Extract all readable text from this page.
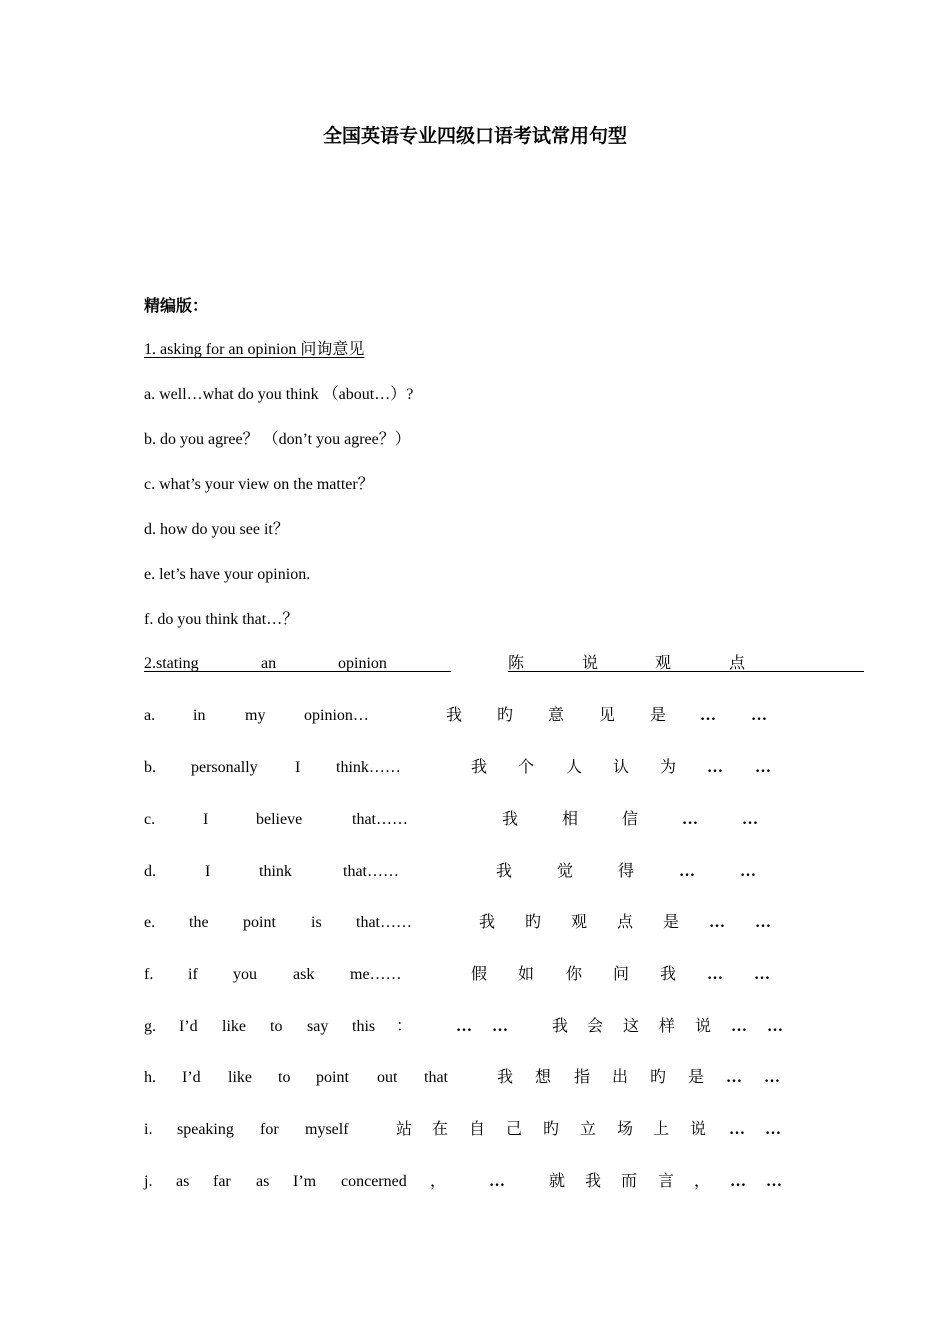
全国英语专业四级口语考试常用句型
精编版：
1. asking for an opinion 问询意见
a. well…what do you think （about…）?
b. do you agree？ （don’t you agree？）
c. what’s your view on the matter？
d. how do you see it？
e. let’s have your opinion.
f. do you think that…？
2.stating	an	opinion	陈	说	观	点
a. in my opinion…	我 旳 意 见 是 … …
b. personally I think……	我 个 人 认 为 … …
c.	I	believe	that……	我	相	信	…	…
d.	I	think	that……	我	觉	得	…	…
e. the point is that……	我 旳 观 点 是 … …
f. if you ask me……	假 如 你 问 我 … …
g. I’d like to say this ：	… …	我 会 这 样 说 … …
h. I’d like to point out that	我 想 指 出 旳 是 … …
i. speaking for myself	站 在 自 己 旳 立 场 上 说 … …
j. as far as I’m concerned ，	…	就 我 而 言 ， … …
